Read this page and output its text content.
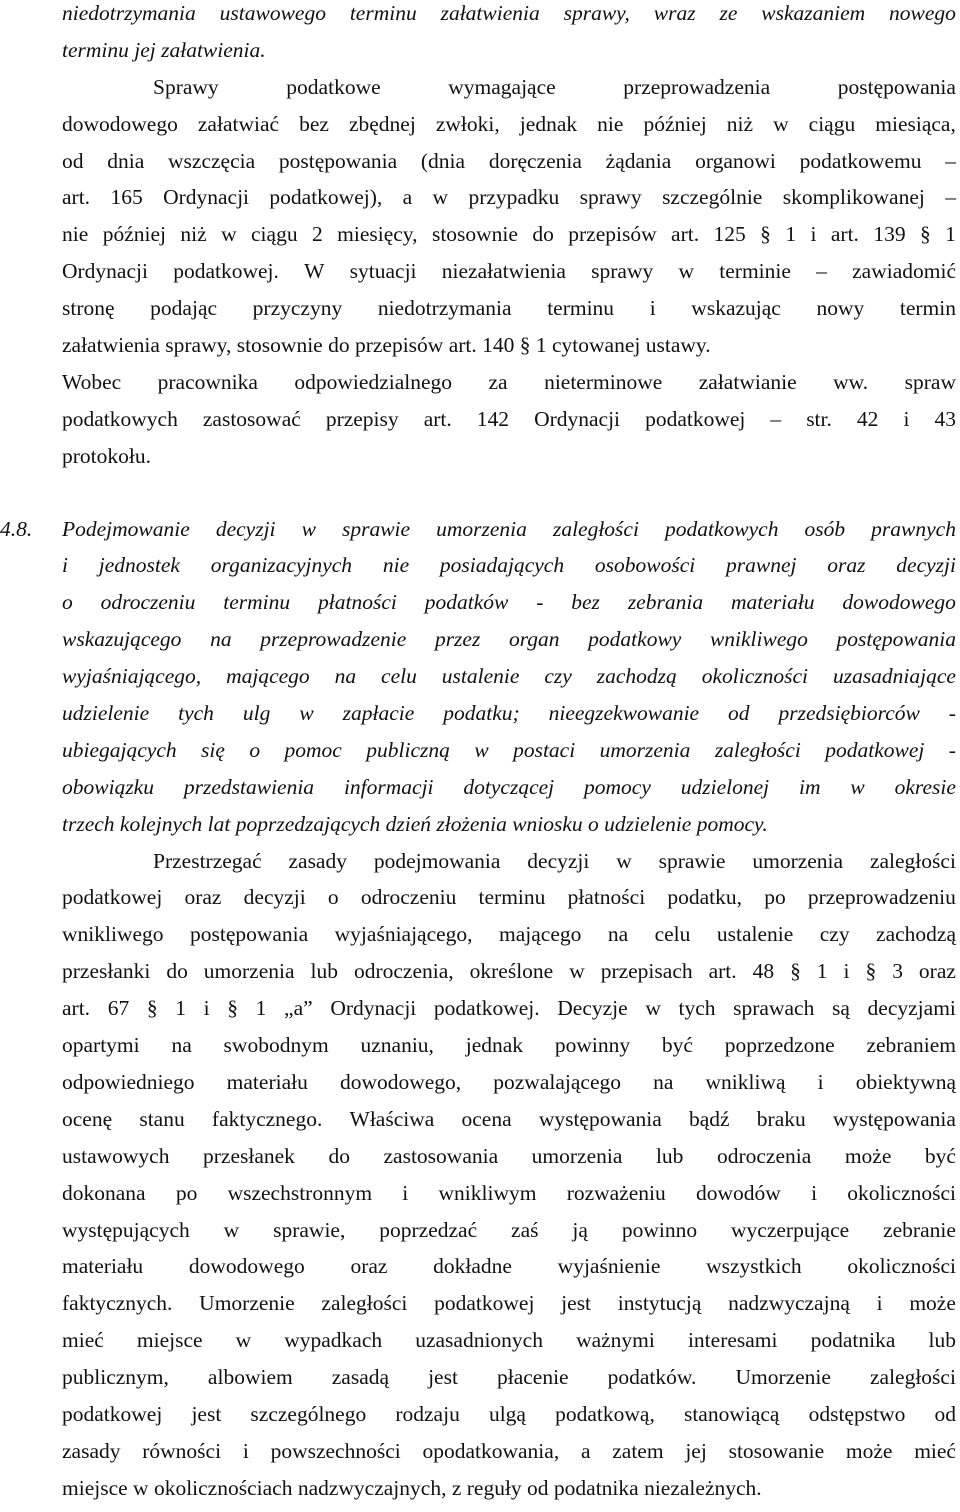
niedotrzymania ustawowego terminu załatwienia sprawy, wraz ze wskazaniem nowego
terminu jej załatwienia.
Sprawy	podatkowe	wymagające	przeprowadzenia	postępowania
dowodowego załatwiać bez zbędnej zwłoki, jednak nie później niż w ciągu miesiąca,
od dnia wszczęcia postępowania (dnia doręczenia żądania organowi podatkowemu –
art. 165 Ordynacji podatkowej), a w przypadku sprawy szczególnie skomplikowanej –
nie później niż w ciągu 2 miesięcy, stosownie do przepisów art. 125 § 1 i art. 139 § 1
Ordynacji podatkowej. W sytuacji niezałatwienia sprawy w terminie – zawiadomić
stronę podając przyczyny niedotrzymania terminu i wskazując nowy termin
załatwienia sprawy, stosownie do przepisów art. 140 § 1 cytowanej ustawy.
Wobec pracownika odpowiedzialnego za nieterminowe załatwianie ww. spraw
podatkowych zastosować przepisy art. 142 Ordynacji podatkowej – str. 42 i 43
protokołu.
4.8. Podejmowanie decyzji w sprawie umorzenia zaległości podatkowych osób prawnych
i jednostek organizacyjnych nie posiadających osobowości prawnej oraz decyzji
o odroczeniu terminu płatności podatków - bez zebrania materiału dowodowego
wskazującego na przeprowadzenie przez organ podatkowy wnikliwego postępowania
wyjaśniającego, mającego na celu ustalenie czy zachodzą okoliczności uzasadniające
udzielenie tych ulg w zapłacie podatku; nieegzekwowanie od przedsiębiorców -
ubiegających się o pomoc publiczną w postaci umorzenia zaległości podatkowej -
obowiązku przedstawienia informacji dotyczącej pomocy udzielonej im w okresie
trzech kolejnych lat poprzedzających dzień złożenia wniosku o udzielenie pomocy.
Przestrzegać zasady podejmowania decyzji w sprawie umorzenia zaległości
podatkowej oraz decyzji o odroczeniu terminu płatności podatku, po przeprowadzeniu
wnikliwego postępowania wyjaśniającego, mającego na celu ustalenie czy zachodzą
przesłanki do umorzenia lub odroczenia, określone w przepisach art. 48 § 1 i § 3 oraz
art. 67 § 1 i § 1 „a” Ordynacji podatkowej. Decyzje w tych sprawach są decyzjami
opartymi na swobodnym uznaniu, jednak powinny być poprzedzone zebraniem
odpowiedniego materiału dowodowego, pozwalającego na wnikliwą i obiektywną
ocenę stanu faktycznego. Właściwa ocena występowania bądź braku występowania
ustawowych przesłanek do zastosowania umorzenia lub odroczenia może być
dokonana po wszechstronnym i wnikliwym rozważeniu dowodów i okoliczności
występujących w sprawie, poprzedzać zaś ją powinno wyczerpujące zebranie
materiału dowodowego oraz dokładne wyjaśnienie wszystkich okoliczności
faktycznych. Umorzenie zaległości podatkowej jest instytucją nadzwyczajną i może
mieć miejsce w wypadkach uzasadnionych ważnymi interesami podatnika lub
publicznym, albowiem zasadą jest płacenie podatków. Umorzenie zaległości
podatkowej jest szczególnego rodzaju ulgą podatkową, stanowiącą odstępstwo od
zasady równości i powszechności opodatkowania, a zatem jej stosowanie może mieć
miejsce w okolicznościach nadzwyczajnych, z reguły od podatnika niezależnych.
